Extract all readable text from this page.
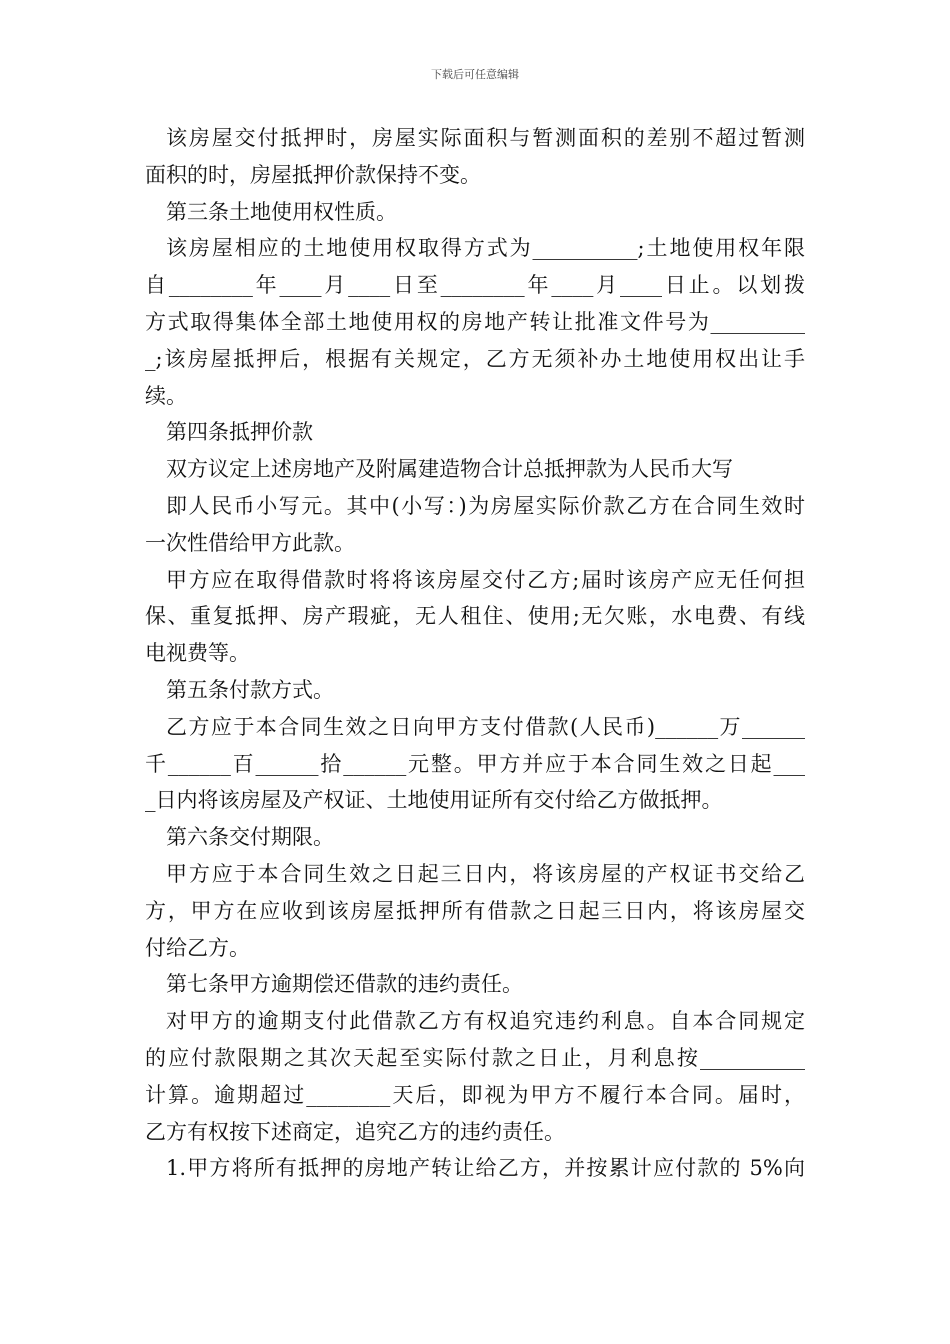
下载后可任意编辑
该房屋交付抵押时，房屋实际面积与暂测面积的差别不超过暂测
面积的时，房屋抵押价款保持不变。
第三条土地使用权性质。
该房屋相应的土地使用权取得方式为__________;土地使用权年限
自________年____月____日至________年____月____日止。以划拨
方式取得集体全部土地使用权的房地产转让批准文件号为_________
_;该房屋抵押后，根据有关规定，乙方无须补办土地使用权出让手
续。
第四条抵押价款
双方议定上述房地产及附属建造物合计总抵押款为人民币大写
即人民币小写元。其中(小写：)为房屋实际价款乙方在合同生效时
一次性借给甲方此款。
甲方应在取得借款时将将该房屋交付乙方;届时该房产应无任何担
保、重复抵押、房产瑕疵，无人租住、使用;无欠账，水电费、有线
电视费等。
第五条付款方式。
乙方应于本合同生效之日向甲方支付借款(人民币)______万______
千______百______拾______元整。甲方并应于本合同生效之日起___
_日内将该房屋及产权证、土地使用证所有交付给乙方做抵押。
第六条交付期限。
甲方应于本合同生效之日起三日内，将该房屋的产权证书交给乙
方，甲方在应收到该房屋抵押所有借款之日起三日内，将该房屋交
付给乙方。
第七条甲方逾期偿还借款的违约责任。
对甲方的逾期支付此借款乙方有权追究违约利息。自本合同规定
的应付款限期之其次天起至实际付款之日止，月利息按__________
计算。逾期超过________天后，即视为甲方不履行本合同。届时，
乙方有权按下述商定，追究乙方的违约责任。
1.甲方将所有抵押的房地产转让给乙方，并按累计应付款的 5%向
